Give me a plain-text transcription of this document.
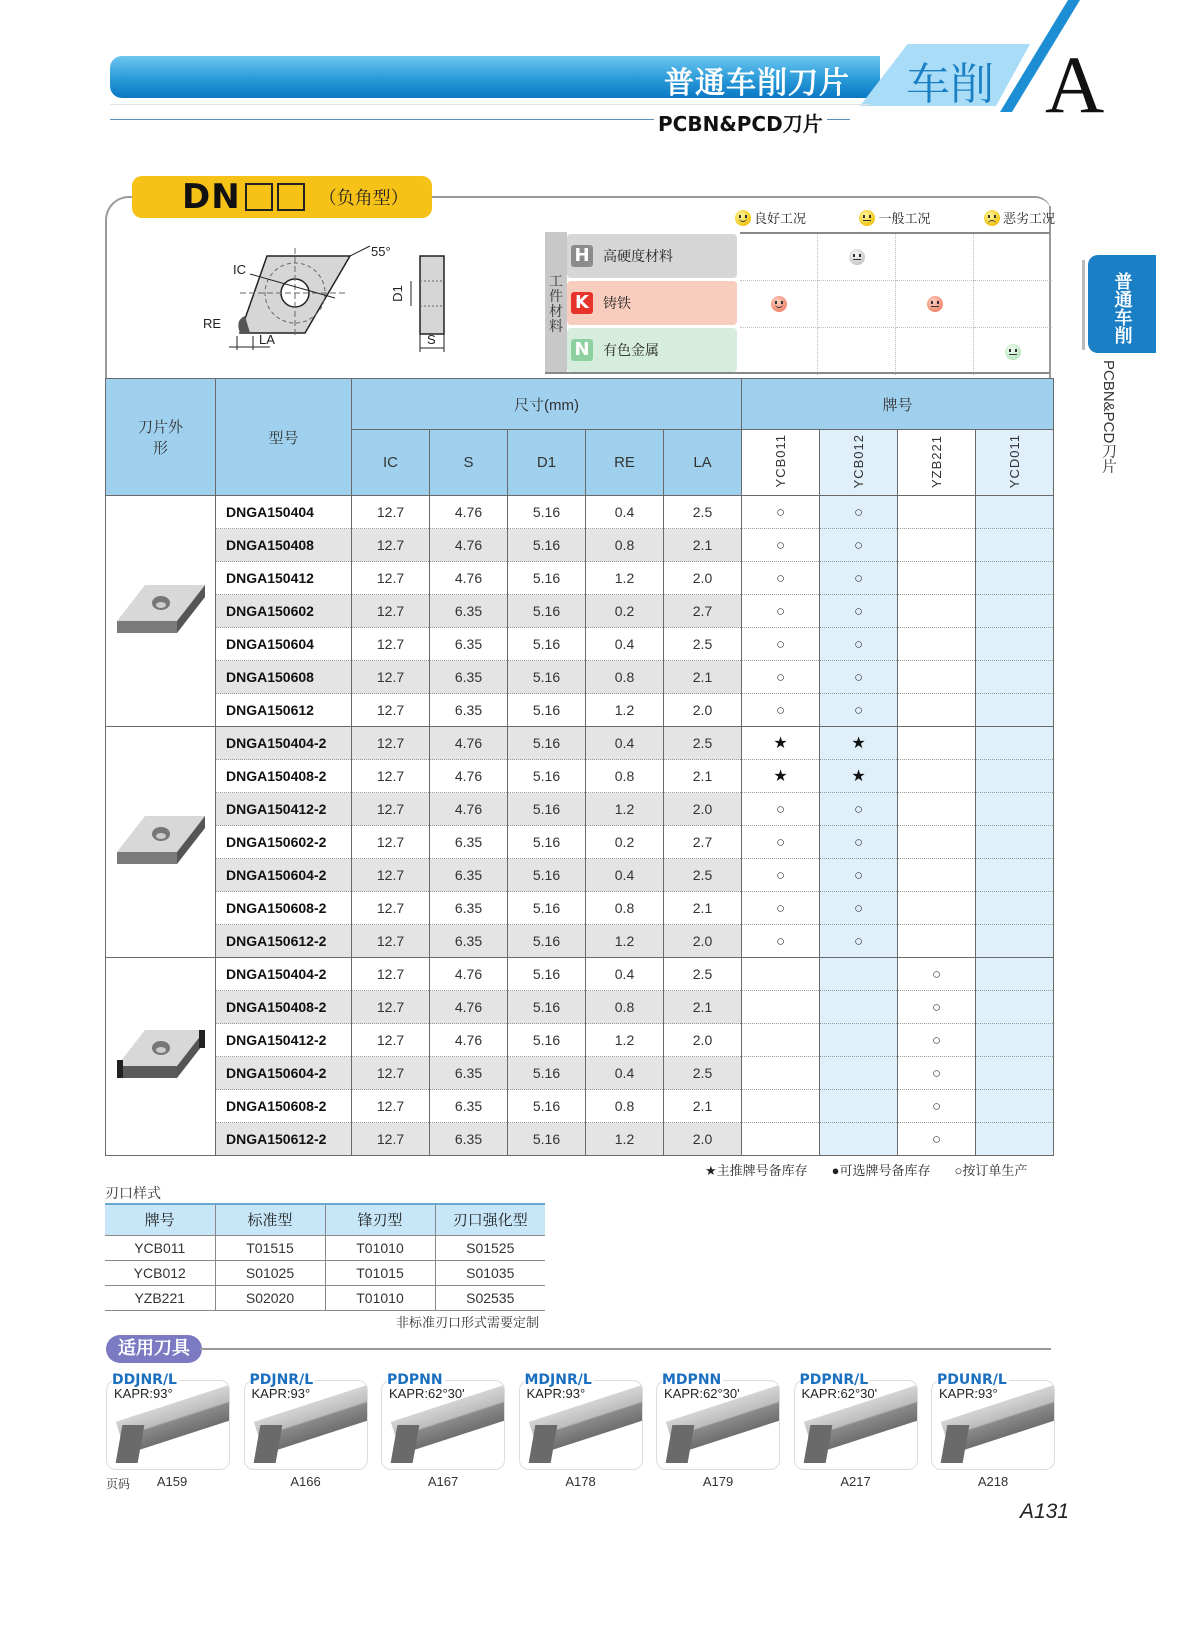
普通车削刀片 车削 A
PCBN&PCD刀片
普通车削
PCBN&PCD刀片
DN	（负角型）
IC
RE
LA
55°
D1
S
良好工况	一般工况	恶劣工况
工件材料
H 高硬度材料
K 铸铁
N 有色金属
刀片外形	型号	尺寸(mm)					牌号			
		IC	S	D1	RE	LA	YCB011	YCB012	YZB221	YCD011
	DNGA150404	12.7	4.76	5.16	0.4	2.5	○	○		
	DNGA150408	12.7	4.76	5.16	0.8	2.1	○	○		
	DNGA150412	12.7	4.76	5.16	1.2	2.0	○	○		
	DNGA150602	12.7	6.35	5.16	0.2	2.7	○	○		
	DNGA150604	12.7	6.35	5.16	0.4	2.5	○	○		
	DNGA150608	12.7	6.35	5.16	0.8	2.1	○	○		
	DNGA150612	12.7	6.35	5.16	1.2	2.0	○	○		
	DNGA150404-2	12.7	4.76	5.16	0.4	2.5	★	★		
	DNGA150408-2	12.7	4.76	5.16	0.8	2.1	★	★		
	DNGA150412-2	12.7	4.76	5.16	1.2	2.0	○	○		
	DNGA150602-2	12.7	6.35	5.16	0.2	2.7	○	○		
	DNGA150604-2	12.7	6.35	5.16	0.4	2.5	○	○		
	DNGA150608-2	12.7	6.35	5.16	0.8	2.1	○	○		
	DNGA150612-2	12.7	6.35	5.16	1.2	2.0	○	○		
	DNGA150404-2	12.7	4.76	5.16	0.4	2.5			○	
	DNGA150408-2	12.7	4.76	5.16	0.8	2.1			○	
	DNGA150412-2	12.7	4.76	5.16	1.2	2.0			○	
	DNGA150604-2	12.7	6.35	5.16	0.4	2.5			○	
	DNGA150608-2	12.7	6.35	5.16	0.8	2.1			○	
	DNGA150612-2	12.7	6.35	5.16	1.2	2.0			○	
★主推牌号备库存 ●可选牌号备库存 ○按订单生产
刃口样式
牌号	标准型	锋刃型	刃口强化型
YCB011	T01515	T01010	S01525
YCB012	S01025	T01015	S01035
YZB221	S02020	T01010	S02535
非标准刃口形式需要定制
适用刀具
DDJNR/L
KAPR:93°
A159
PDJNR/L
KAPR:93°
A166
PDPNN
KAPR:62°30'
A167
MDJNR/L
KAPR:93°
A178
MDPNN
KAPR:62°30'
A179
PDPNR/L
KAPR:62°30'
A217
PDUNR/L
KAPR:93°
A218
页码
A131
